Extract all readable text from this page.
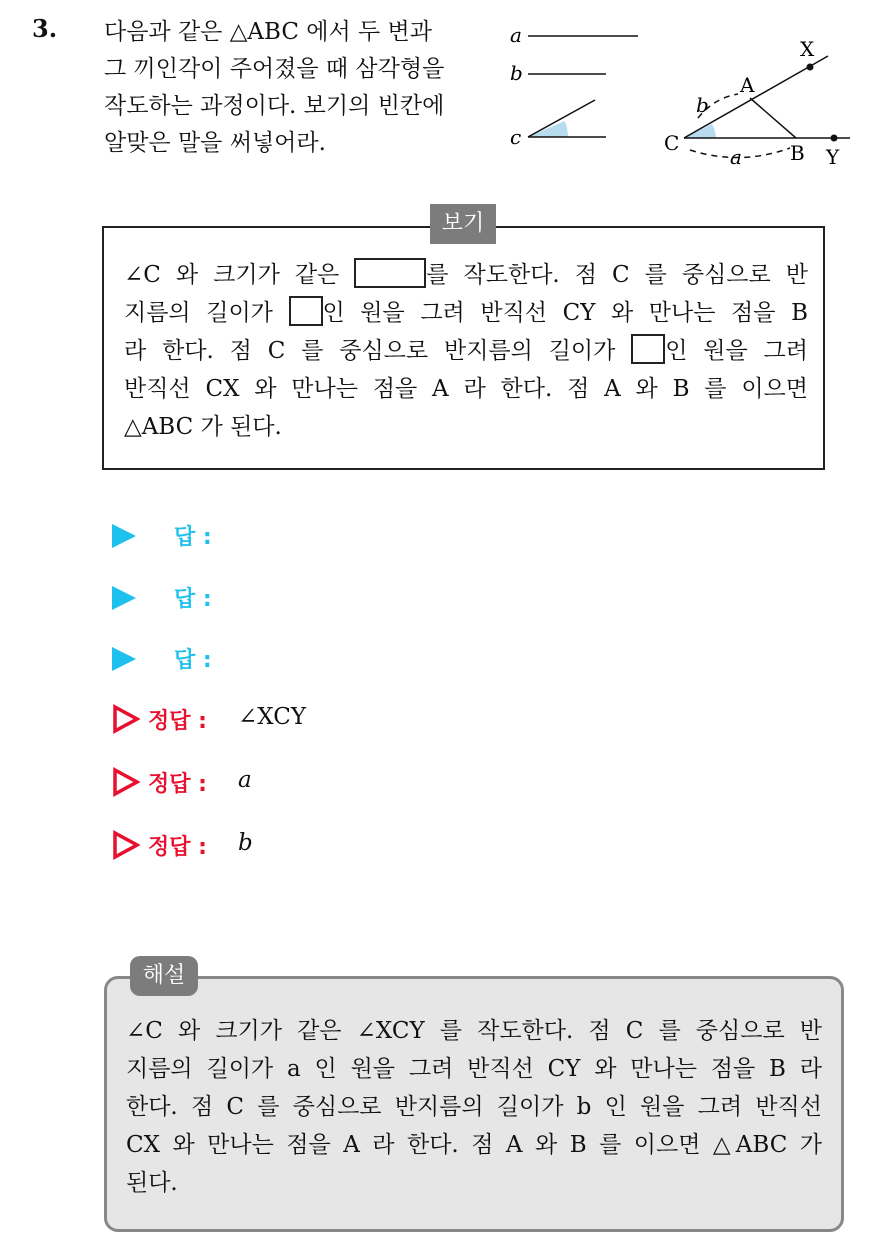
3. 다음과 같은 △ABC 에서 두 변과
그 끼인각이 주어졌을 때 삼각형을
작도하는 과정이다. 보기의 빈칸에
알맞은 말을 써넣어라.
a
b
c
X
A
C	B Y
b
a
보기
∠C 와 크기가 같은	를 작도한다. 점 C 를 중심으로 반
지름의 길이가 인 원을 그려 반직선 CY 와 만나는 점을 B
라 한다. 점 C 를 중심으로 반지름의 길이가 인 원을 그려
반직선 CX 와 만나는 점을 A 라 한다. 점 A 와 B 를 이으면
△ABC 가 된다.
답 :
답 :
답 :
정답 : ∠XCY
정답 : a
정답 : b
해설
∠C 와 크기가 같은 ∠XCY 를 작도한다. 점 C 를 중심으로 반
지름의 길이가 a 인 원을 그려 반직선 CY 와 만나는 점을 B 라
한다. 점 C 를 중심으로 반지름의 길이가 b 인 원을 그려 반직선
CX 와 만나는 점을 A 라 한다. 점 A 와 B 를 이으면 △ABC 가
된다.
